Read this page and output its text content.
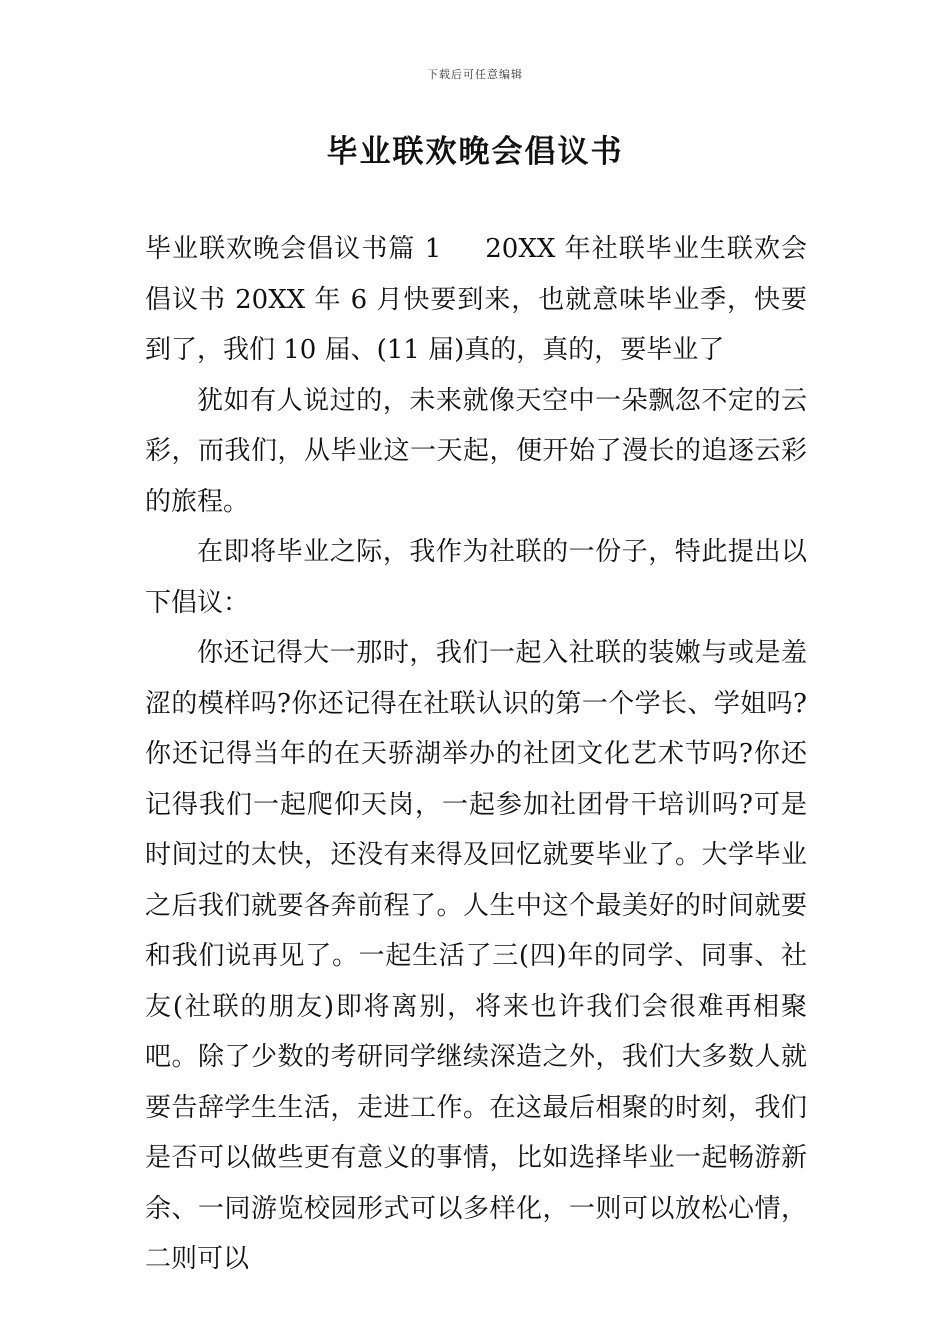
下载后可任意编辑
毕业联欢晚会倡议书

毕业联欢晚会倡议书篇 1 20XX 年社联毕业生联欢会倡议书 20XX 年 6 月快要到来，也就意味毕业季，快要到了，我们 10 届、(11 届)真的，真的，要毕业了

犹如有人说过的，未来就像天空中一朵飘忽不定的云彩，而我们，从毕业这一天起，便开始了漫长的追逐云彩的旅程。

在即将毕业之际，我作为社联的一份子，特此提出以下倡议：

你还记得大一那时，我们一起入社联的装嫩与或是羞涩的模样吗?你还记得在社联认识的第一个学长、学姐吗?你还记得当年的在天骄湖举办的社团文化艺术节吗?你还记得我们一起爬仰天岗，一起参加社团骨干培训吗?可是时间过的太快，还没有来得及回忆就要毕业了。大学毕业之后我们就要各奔前程了。人生中这个最美好的时间就要和我们说再见了。一起生活了三(四)年的同学、同事、社友(社联的朋友)即将离别，将来也许我们会很难再相聚吧。除了少数的考研同学继续深造之外，我们大多数人就要告辞学生生活，走进工作。在这最后相聚的时刻，我们是否可以做些更有意义的事情，比如选择毕业一起畅游新余、一同游览校园形式可以多样化，一则可以放松心情，二则可以
